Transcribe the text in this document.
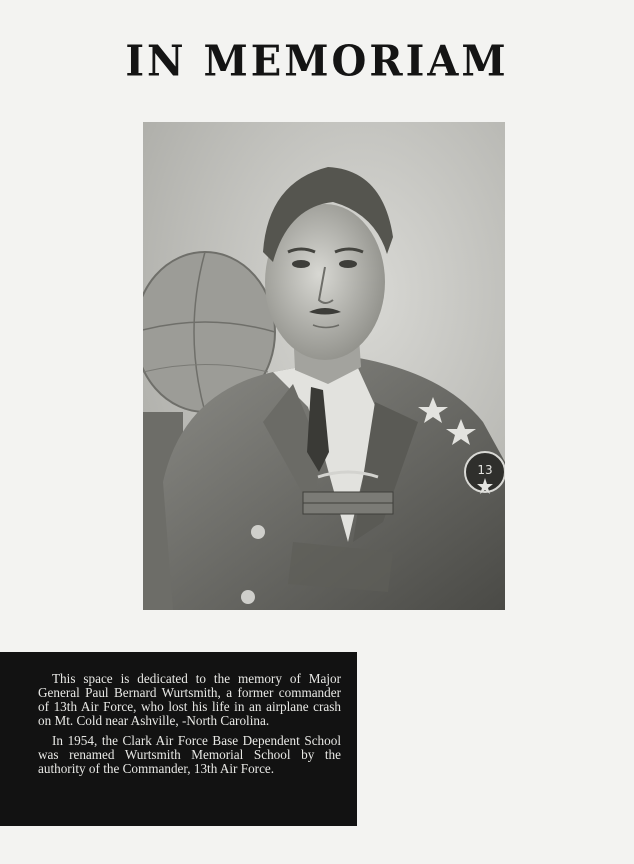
IN MEMORIAM
13

This space is dedicated to the memory of Major General Paul Bernard Wurtsmith, a former commander of 13th Air Force, who lost his life in an airplane crash on Mt. Cold near Ashville, -North Carolina.

In 1954, the Clark Air Force Base Dependent School was renamed Wurtsmith Memorial School by the authority of the Commander, 13th Air Force.
